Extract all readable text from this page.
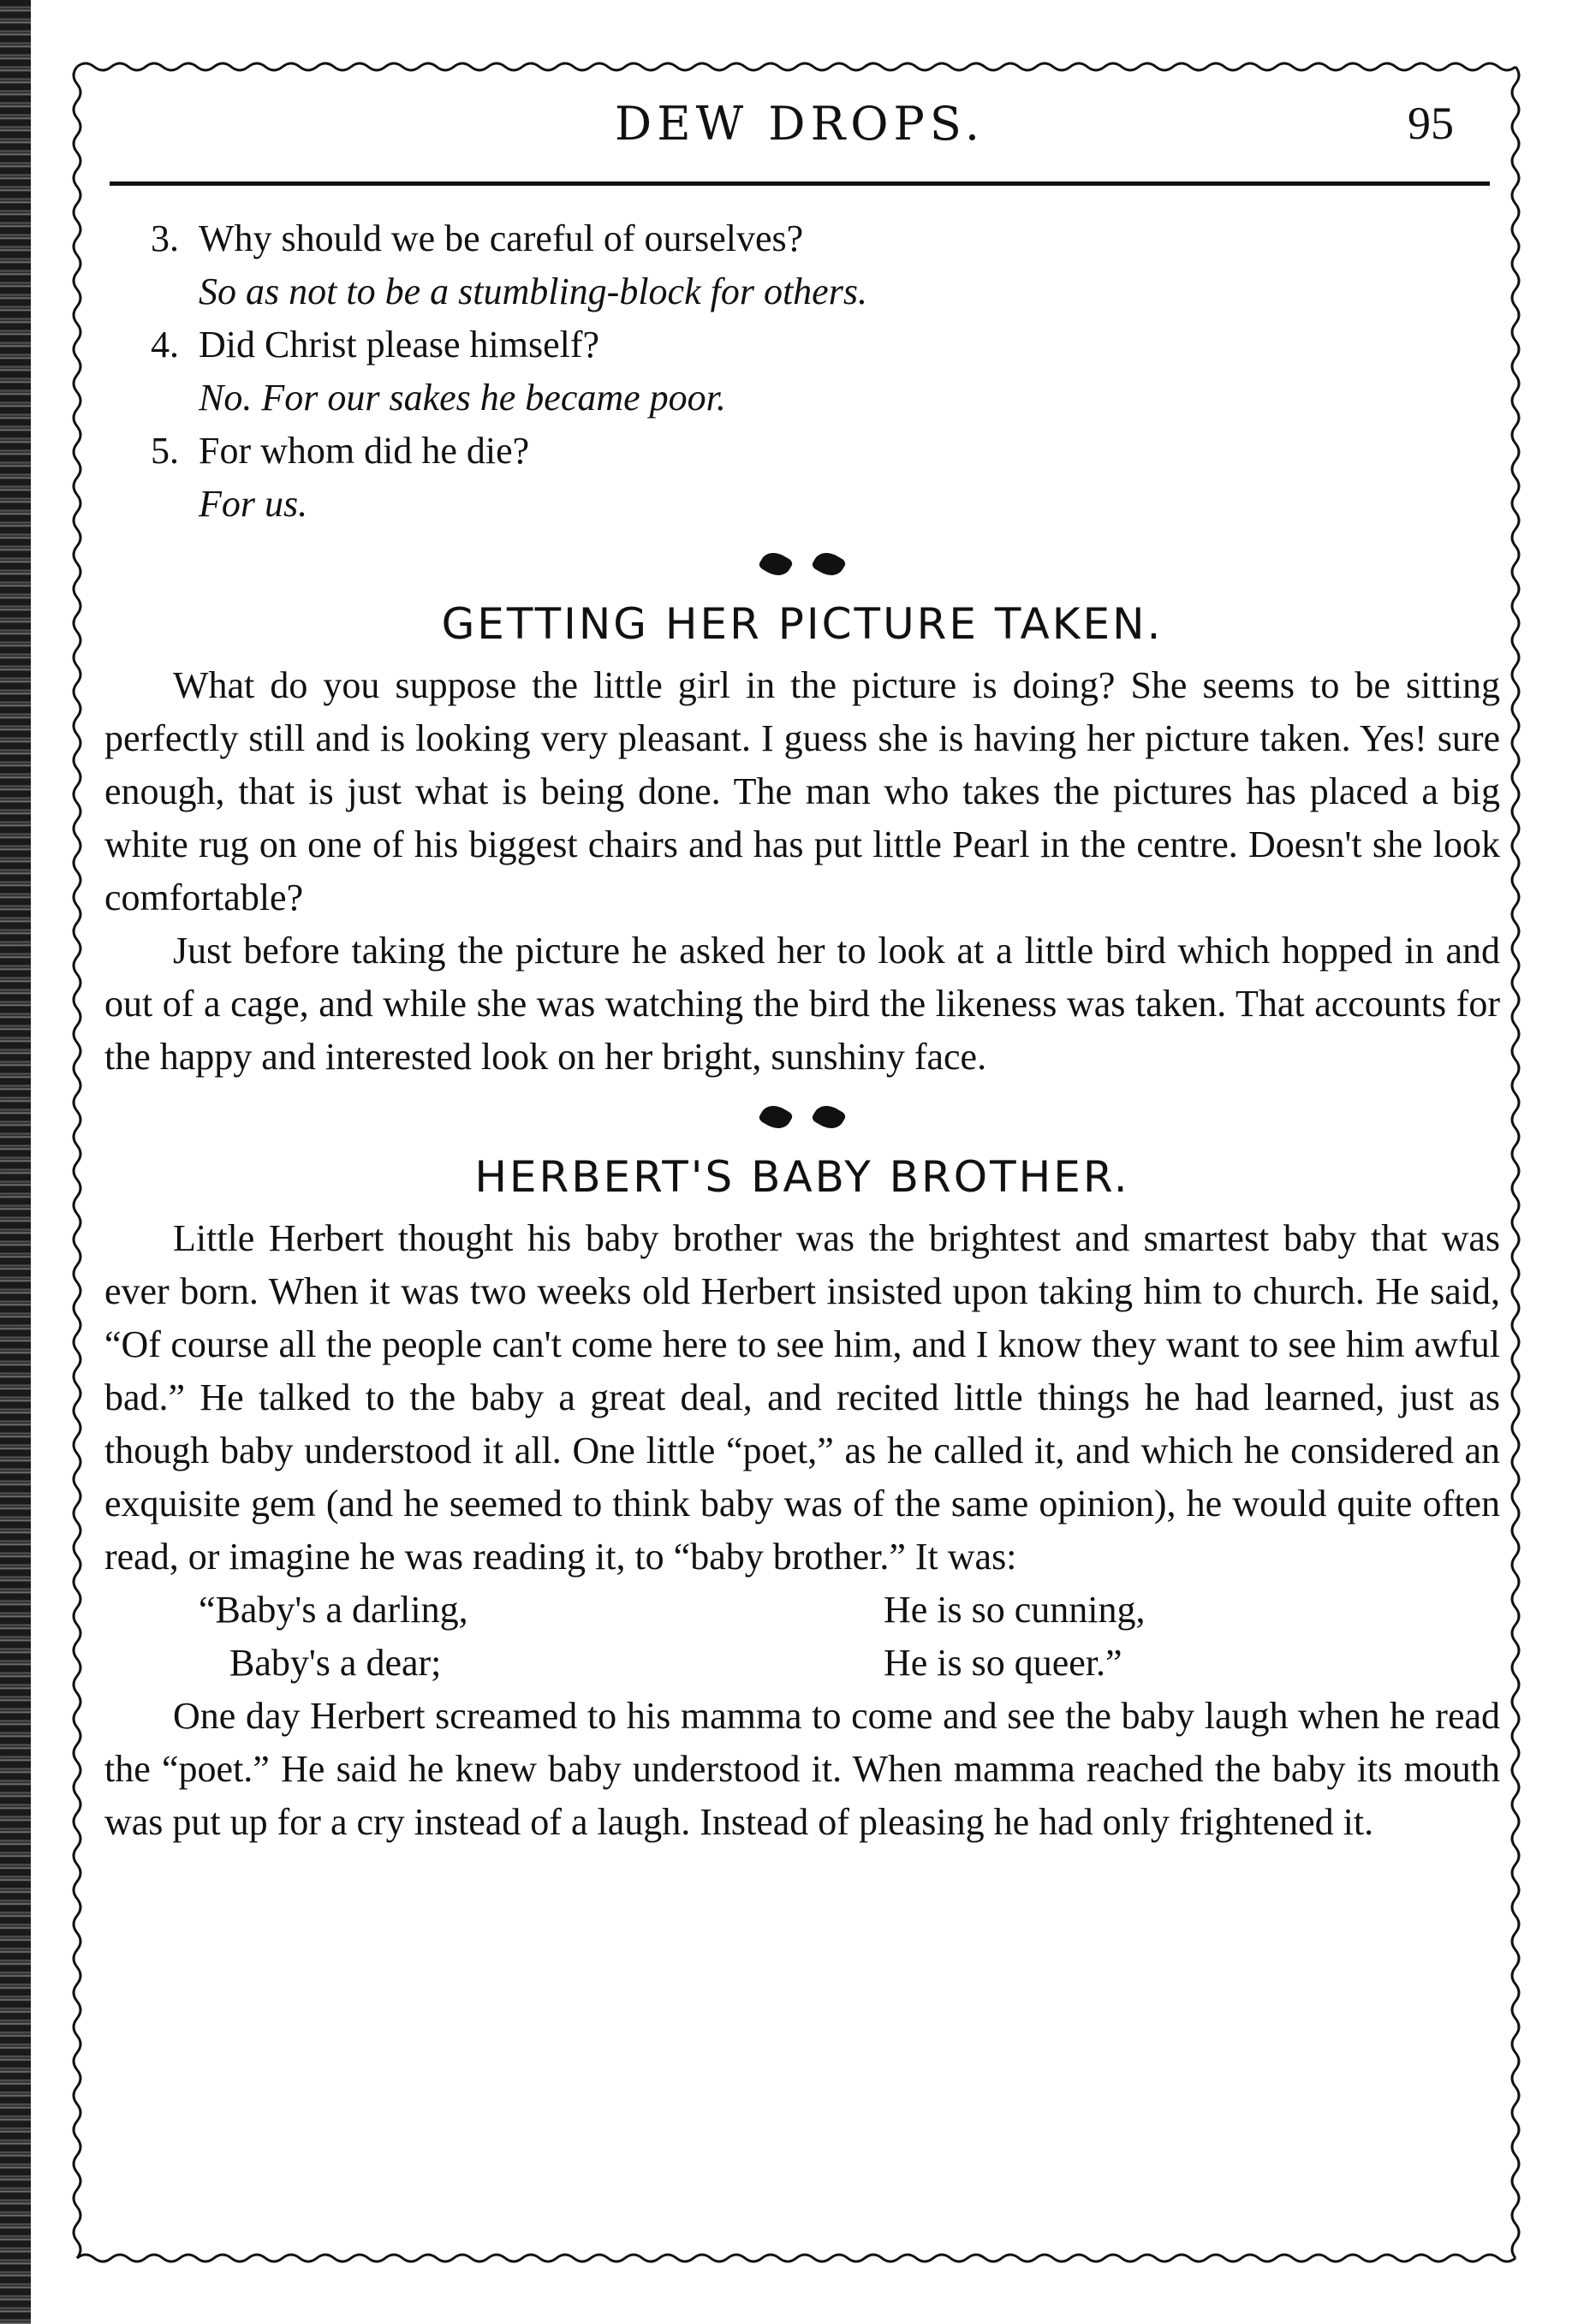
DEW DROPS.	95
3. Why should we be careful of ourselves?
So as not to be a stumbling-block for others.
4. Did Christ please himself?
No. For our sakes he became poor.
5. For whom did he die?
For us.
GETTING HER PICTURE TAKEN.

What do you suppose the little girl in the picture is doing? She seems to be sitting perfectly still and is looking very pleasant. I guess she is having her picture taken. Yes! sure enough, that is just what is being done. The man who takes the pictures has placed a big white rug on one of his biggest chairs and has put little Pearl in the centre. Doesn't she look comfortable?

Just before taking the picture he asked her to look at a little bird which hopped in and out of a cage, and while she was watching the bird the likeness was taken. That accounts for the happy and interested look on her bright, sunshiny face.

HERBERT'S BABY BROTHER.

Little Herbert thought his baby brother was the brightest and smartest baby that was ever born. When it was two weeks old Herbert insisted upon taking him to church. He said, “Of course all the people can't come here to see him, and I know they want to see him awful bad.” He talked to the baby a great deal, and recited little things he had learned, just as though baby understood it all. One little “poet,” as he called it, and which he considered an exquisite gem (and he seemed to think baby was of the same opinion), he would quite often read, or imagine he was reading it, to “baby brother.” It was:

“Baby's a darling,	He is so cunning,
Baby's a dear;	He is so queer.”

One day Herbert screamed to his mamma to come and see the baby laugh when he read the “poet.” He said he knew baby understood it. When mamma reached the baby its mouth was put up for a cry instead of a laugh. Instead of pleasing he had only frightened it.
